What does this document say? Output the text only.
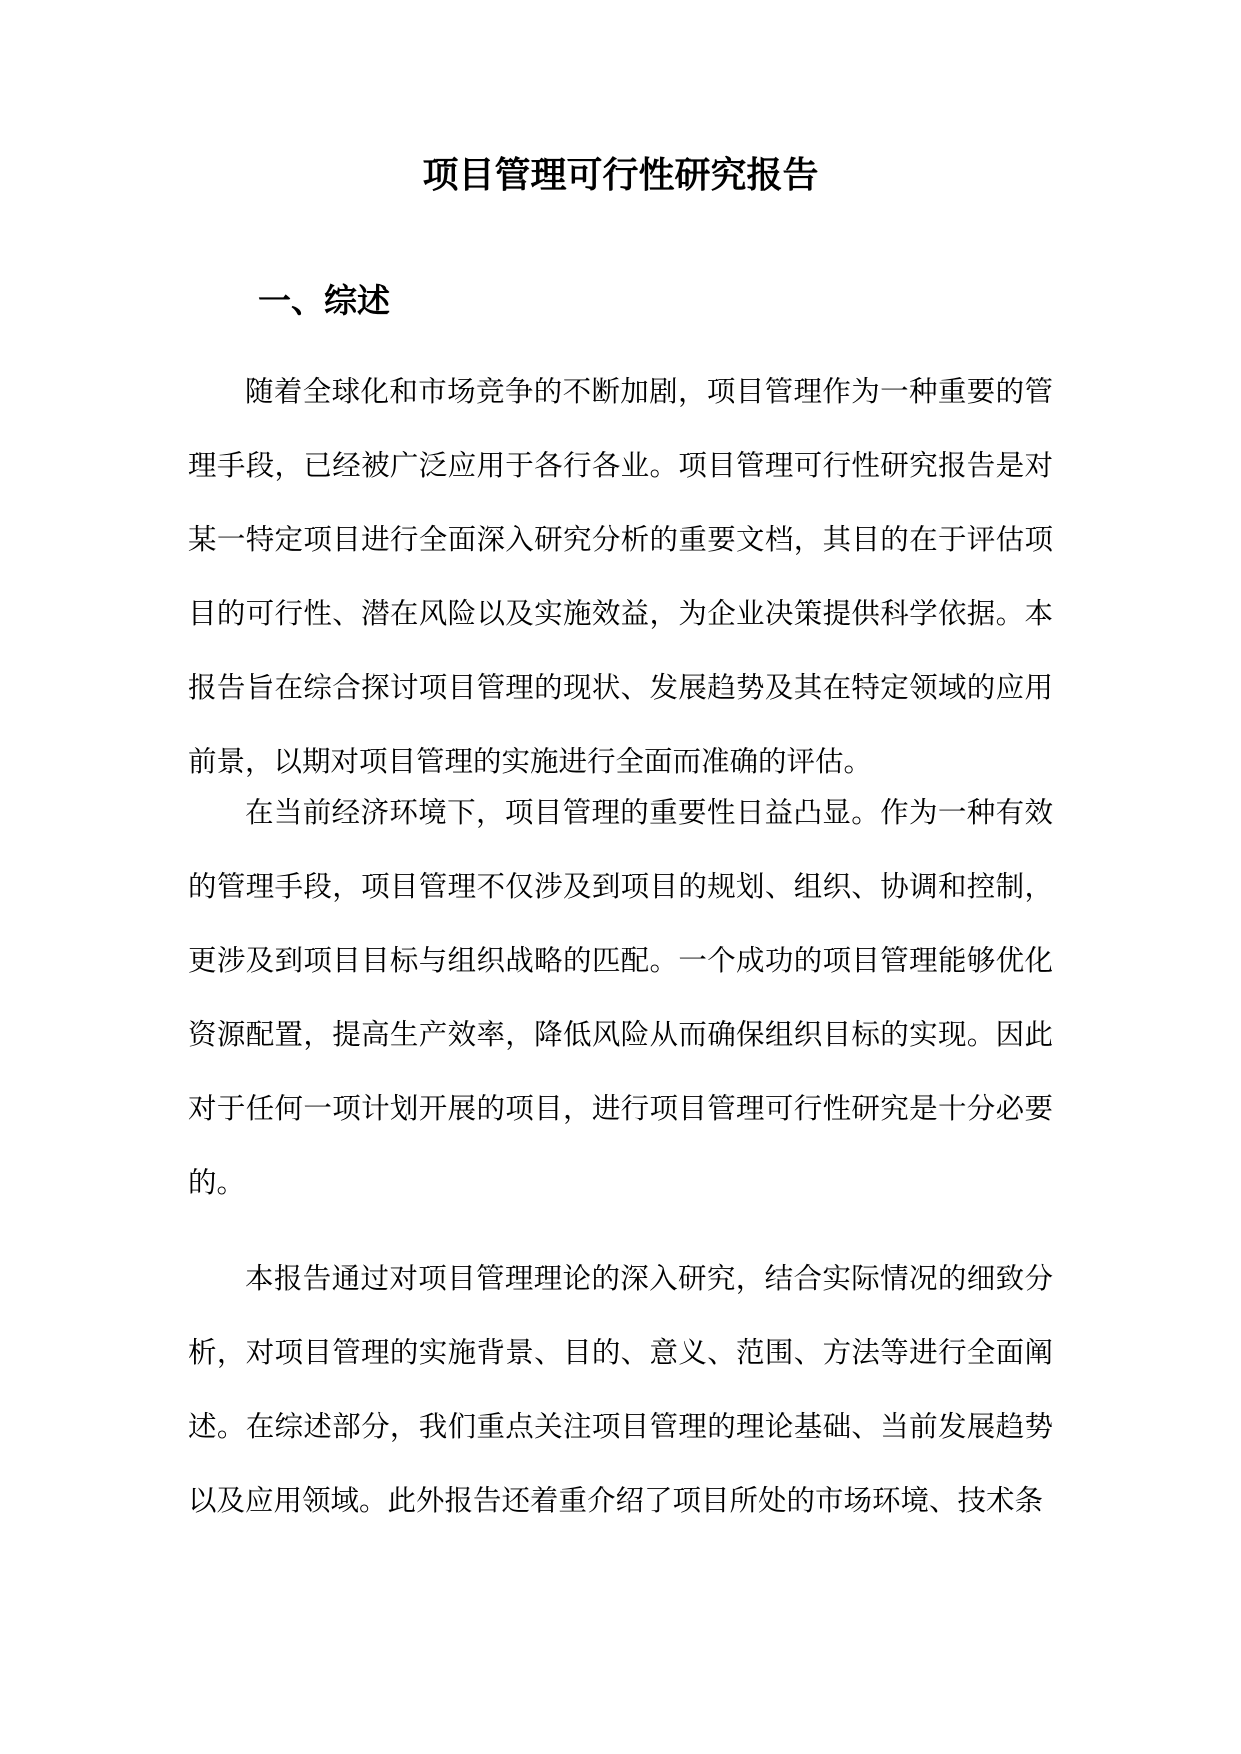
项目管理可行性研究报告
一、综述

随着全球化和市场竞争的不断加剧，项目管理作为一种重要的管理手段，已经被广泛应用于各行各业。项目管理可行性研究报告是对某一特定项目进行全面深入研究分析的重要文档，其目的在于评估项目的可行性、潜在风险以及实施效益，为企业决策提供科学依据。本报告旨在综合探讨项目管理的现状、发展趋势及其在特定领域的应用前景，以期对项目管理的实施进行全面而准确的评估。

在当前经济环境下，项目管理的重要性日益凸显。作为一种有效的管理手段，项目管理不仅涉及到项目的规划、组织、协调和控制，更涉及到项目目标与组织战略的匹配。一个成功的项目管理能够优化资源配置，提高生产效率，降低风险从而确保组织目标的实现。因此对于任何一项计划开展的项目，进行项目管理可行性研究是十分必要的。

本报告通过对项目管理理论的深入研究，结合实际情况的细致分析，对项目管理的实施背景、目的、意义、范围、方法等进行全面阐述。在综述部分，我们重点关注项目管理的理论基础、当前发展趋势以及应用领域。此外报告还着重介绍了项目所处的市场环境、技术条
